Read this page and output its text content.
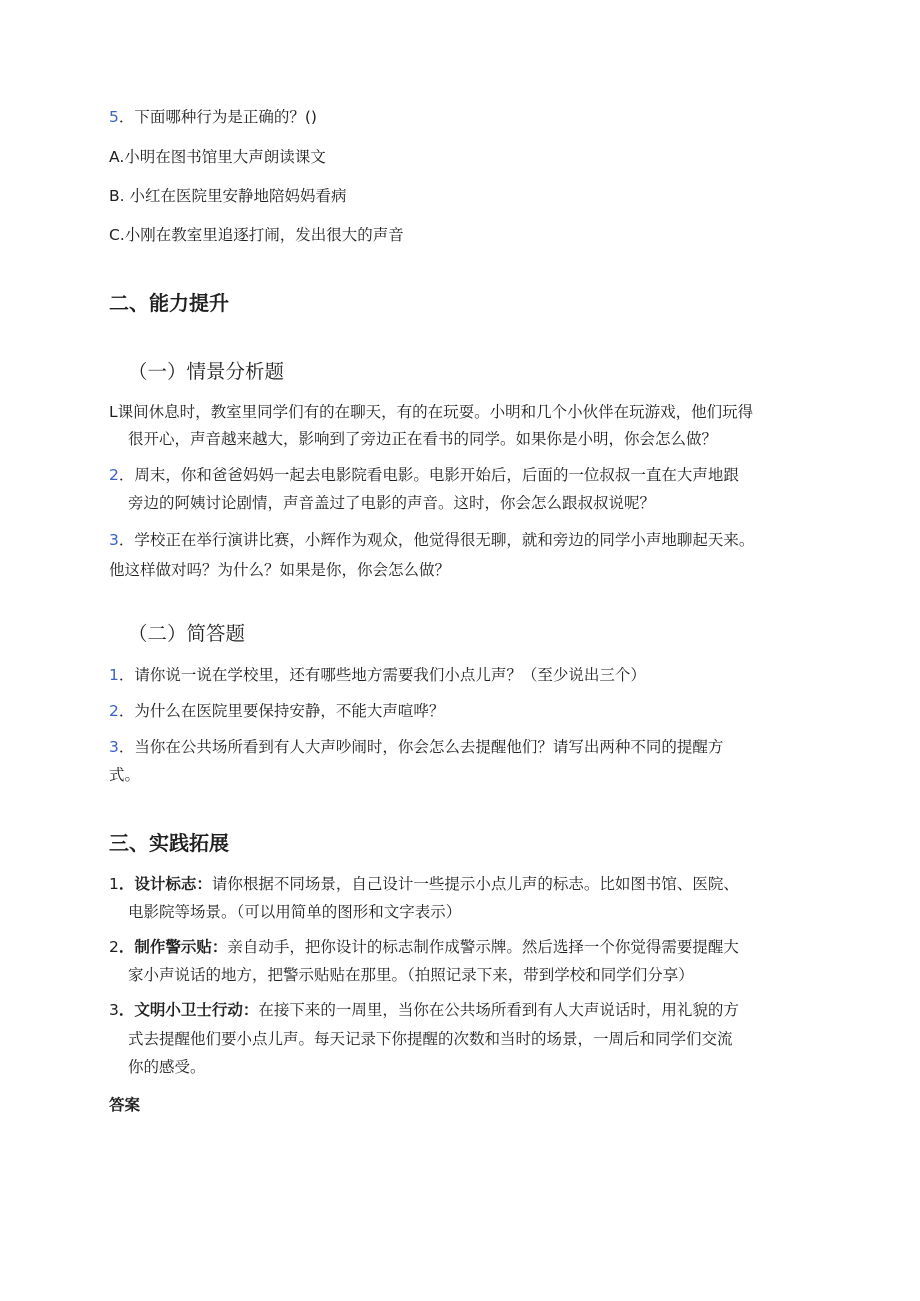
5．下面哪种行为是正确的？()
A.小明在图书馆里大声朗读课文
B. 小红在医院里安静地陪妈妈看病
C.小刚在教室里追逐打闹，发出很大的声音
二、能力提升
（一）情景分析题
L课间休息时，教室里同学们有的在聊天，有的在玩耍。小明和几个小伙伴在玩游戏，他们玩得
很开心，声音越来越大，影响到了旁边正在看书的同学。如果你是小明，你会怎么做？
2．周末，你和爸爸妈妈一起去电影院看电影。电影开始后，后面的一位叔叔一直在大声地跟
旁边的阿姨讨论剧情，声音盖过了电影的声音。这时，你会怎么跟叔叔说呢？
3．学校正在举行演讲比赛，小辉作为观众，他觉得很无聊，就和旁边的同学小声地聊起天来。
他这样做对吗？为什么？如果是你，你会怎么做？
（二）简答题
1．请你说一说在学校里，还有哪些地方需要我们小点儿声？（至少说出三个）
2．为什么在医院里要保持安静，不能大声喧哗？
3．当你在公共场所看到有人大声吵闹时，你会怎么去提醒他们？请写出两种不同的提醒方
式。
三、实践拓展
1．设计标志：请你根据不同场景，自己设计一些提示小点儿声的标志。比如图书馆、医院、
电影院等场景。（可以用简单的图形和文字表示）
2．制作警示贴：亲自动手，把你设计的标志制作成警示牌。然后选择一个你觉得需要提醒大
家小声说话的地方，把警示贴贴在那里。（拍照记录下来，带到学校和同学们分享）
3．文明小卫士行动：在接下来的一周里，当你在公共场所看到有人大声说话时，用礼貌的方
式去提醒他们要小点儿声。每天记录下你提醒的次数和当时的场景，一周后和同学们交流
你的感受。
答案
